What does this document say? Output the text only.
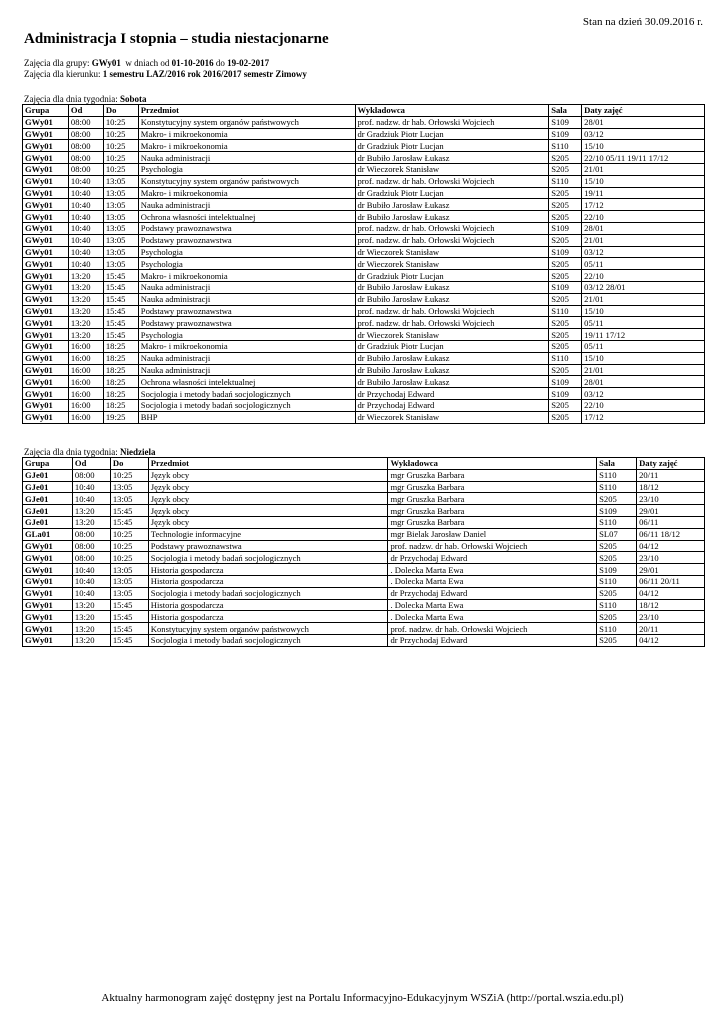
Stan na dzień 30.09.2016 r.
Administracja I stopnia – studia niestacjonarne
Zajęcia dla grupy: GWy01  w dniach od 01-10-2016 do 19-02-2017
Zajęcia dla kierunku: 1 semestru LAZ/2016 rok 2016/2017 semestr Zimowy
Zajęcia dla dnia tygodnia: Sobota
Grupa	Od	Do	Przedmiot	Wykładowca	Sala	Daty zajęć
GWy01	08:00	10:25	Konstytucyjny system organów państwowych	prof. nadzw. dr hab. Orłowski Wojciech	S109	28/01
GWy01	08:00	10:25	Makro- i mikroekonomia	dr Gradziuk Piotr Lucjan	S109	03/12
GWy01	08:00	10:25	Makro- i mikroekonomia	dr Gradziuk Piotr Lucjan	S110	15/10
GWy01	08:00	10:25	Nauka administracji	dr Bubiło Jarosław Łukasz	S205	22/10 05/11 19/11 17/12
GWy01	08:00	10:25	Psychologia	dr Wieczorek Stanisław	S205	21/01
GWy01	10:40	13:05	Konstytucyjny system organów państwowych	prof. nadzw. dr hab. Orłowski Wojciech	S110	15/10
GWy01	10:40	13:05	Makro- i mikroekonomia	dr Gradziuk Piotr Lucjan	S205	19/11
GWy01	10:40	13:05	Nauka administracji	dr Bubiło Jarosław Łukasz	S205	17/12
GWy01	10:40	13:05	Ochrona własności intelektualnej	dr Bubiło Jarosław Łukasz	S205	22/10
GWy01	10:40	13:05	Podstawy prawoznawstwa	prof. nadzw. dr hab. Orłowski Wojciech	S109	28/01
GWy01	10:40	13:05	Podstawy prawoznawstwa	prof. nadzw. dr hab. Orłowski Wojciech	S205	21/01
GWy01	10:40	13:05	Psychologia	dr Wieczorek Stanisław	S109	03/12
GWy01	10:40	13:05	Psychologia	dr Wieczorek Stanisław	S205	05/11
GWy01	13:20	15:45	Makro- i mikroekonomia	dr Gradziuk Piotr Lucjan	S205	22/10
GWy01	13:20	15:45	Nauka administracji	dr Bubiło Jarosław Łukasz	S109	03/12 28/01
GWy01	13:20	15:45	Nauka administracji	dr Bubiło Jarosław Łukasz	S205	21/01
GWy01	13:20	15:45	Podstawy prawoznawstwa	prof. nadzw. dr hab. Orłowski Wojciech	S110	15/10
GWy01	13:20	15:45	Podstawy prawoznawstwa	prof. nadzw. dr hab. Orłowski Wojciech	S205	05/11
GWy01	13:20	15:45	Psychologia	dr Wieczorek Stanisław	S205	19/11 17/12
GWy01	16:00	18:25	Makro- i mikroekonomia	dr Gradziuk Piotr Lucjan	S205	05/11
GWy01	16:00	18:25	Nauka administracji	dr Bubiło Jarosław Łukasz	S110	15/10
GWy01	16:00	18:25	Nauka administracji	dr Bubiło Jarosław Łukasz	S205	21/01
GWy01	16:00	18:25	Ochrona własności intelektualnej	dr Bubiło Jarosław Łukasz	S109	28/01
GWy01	16:00	18:25	Socjologia i metody badań socjologicznych	dr Przychodaj Edward	S109	03/12
GWy01	16:00	18:25	Socjologia i metody badań socjologicznych	dr Przychodaj Edward	S205	22/10
GWy01	16:00	19:25	BHP	dr Wieczorek Stanisław	S205	17/12
Zajęcia dla dnia tygodnia: Niedziela
Grupa	Od	Do	Przedmiot	Wykładowca	Sala	Daty zajęć
GJe01	08:00	10:25	Język obcy	mgr Gruszka Barbara	S110	20/11
GJe01	10:40	13:05	Język obcy	mgr Gruszka Barbara	S110	18/12
GJe01	10:40	13:05	Język obcy	mgr Gruszka Barbara	S205	23/10
GJe01	13:20	15:45	Język obcy	mgr Gruszka Barbara	S109	29/01
GJe01	13:20	15:45	Język obcy	mgr Gruszka Barbara	S110	06/11
GLa01	08:00	10:25	Technologie informacyjne	mgr Bielak Jarosław Daniel	SL07	06/11 18/12
GWy01	08:00	10:25	Podstawy prawoznawstwa	prof. nadzw. dr hab. Orłowski Wojciech	S205	04/12
GWy01	08:00	10:25	Socjologia i metody badań socjologicznych	dr Przychodaj Edward	S205	23/10
GWy01	10:40	13:05	Historia gospodarcza	. Dolecka Marta Ewa	S109	29/01
GWy01	10:40	13:05	Historia gospodarcza	. Dolecka Marta Ewa	S110	06/11 20/11
GWy01	10:40	13:05	Socjologia i metody badań socjologicznych	dr Przychodaj Edward	S205	04/12
GWy01	13:20	15:45	Historia gospodarcza	. Dolecka Marta Ewa	S110	18/12
GWy01	13:20	15:45	Historia gospodarcza	. Dolecka Marta Ewa	S205	23/10
GWy01	13:20	15:45	Konstytucyjny system organów państwowych	prof. nadzw. dr hab. Orłowski Wojciech	S110	20/11
GWy01	13:20	15:45	Socjologia i metody badań socjologicznych	dr Przychodaj Edward	S205	04/12
Aktualny harmonogram zajęć dostępny jest na Portalu Informacyjno-Edukacyjnym WSZiA (http://portal.wszia.edu.pl)
